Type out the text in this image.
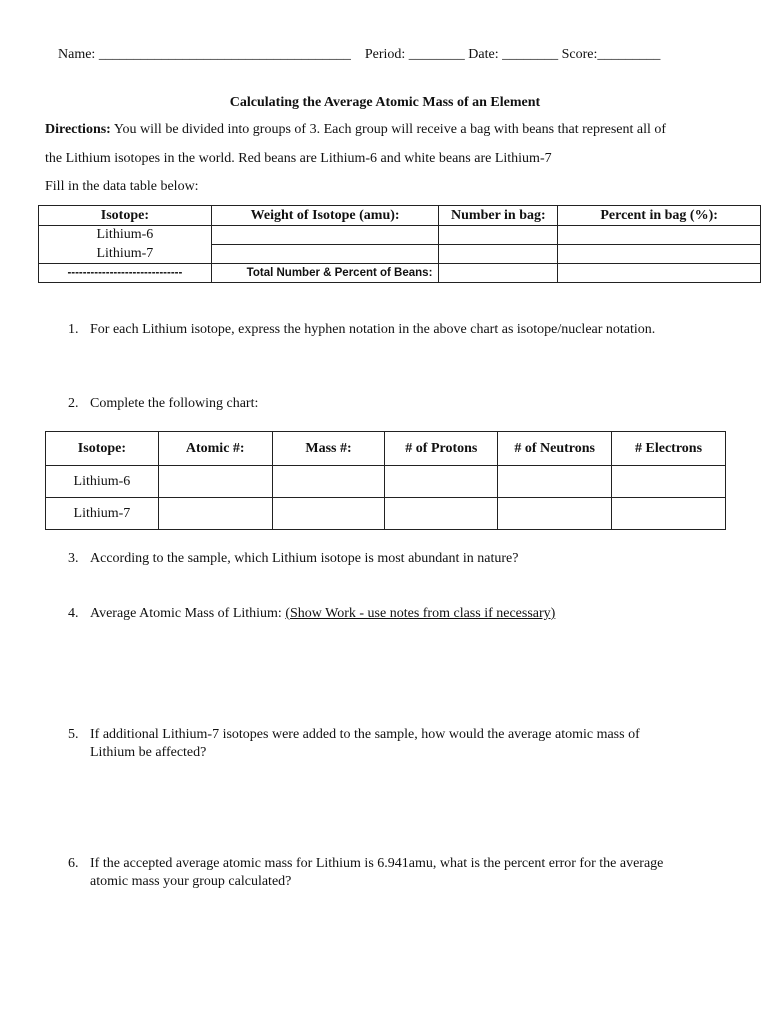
Name: ____________________________________ Period: ________ Date: ________ Score:_________
Calculating the Average Atomic Mass of an Element
Directions: You will be divided into groups of 3. Each group will receive a bag with beans that represent all of
the Lithium isotopes in the world. Red beans are Lithium-6 and white beans are Lithium-7
Fill in the data table below:
Isotope:	Weight of Isotope (amu):	Number in bag:	Percent in bag (%):
Lithium-6			
Lithium-7			
------------------------------	Total Number & Percent of Beans:		
1. For each Lithium isotope, express the hyphen notation in the above chart as isotope/nuclear notation.
2. Complete the following chart:
Isotope:	Atomic #:	Mass #:	# of Protons	# of Neutrons	# Electrons
Lithium-6					
Lithium-7					
3. According to the sample, which Lithium isotope is most abundant in nature?
4. Average Atomic Mass of Lithium: (Show Work - use notes from class if necessary)
5. If additional Lithium-7 isotopes were added to the sample, how would the average atomic mass of
Lithium be affected?
6. If the accepted average atomic mass for Lithium is 6.941amu, what is the percent error for the average
atomic mass your group calculated?
